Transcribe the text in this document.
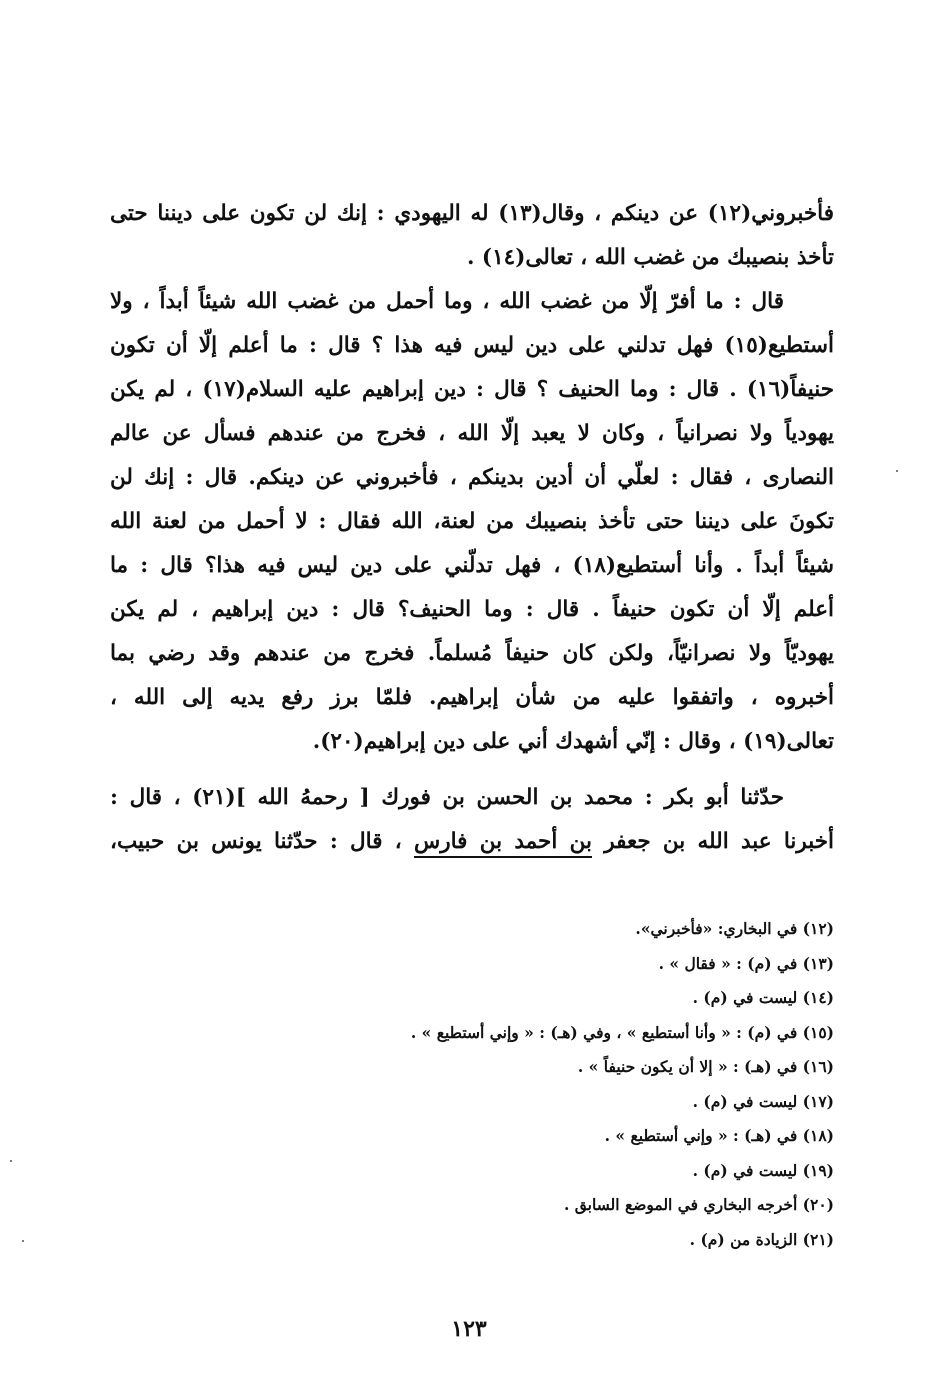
فأخبروني(١٢) عن دينكم ، وقال(١٣) له اليهودي : إنك لن تكون على ديننا حتى
تأخذ بنصيبك من غضب الله ، تعالى(١٤) .
قال : ما أفرّ إلّا من غضب الله ، وما أحمل من غضب الله شيئاً أبداً ، ولا
أستطيع(١٥) فهل تدلني على دين ليس فيه هذا ؟ قال : ما أعلم إلّا أن تكون
حنيفاً(١٦) . قال : وما الحنيف ؟ قال : دين إبراهيم عليه السلام(١٧) ، لم يكن
يهودياً ولا نصرانياً ، وكان لا يعبد إلّا الله ، فخرج من عندهم فسأل عن عالم
النصارى ، فقال : لعلّي أن أدين بدينكم ، فأخبروني عن دينكم. قال : إنك لن
تكونَ على ديننا حتى تأخذ بنصيبك من لعنة، الله فقال : لا أحمل من لعنة الله
شيئاً أبداً . وأنا أستطيع(١٨) ، فهل تدلّني على دين ليس فيه هذا؟ قال : ما
أعلم إلّا أن تكون حنيفاً . قال : وما الحنيف؟ قال : دين إبراهيم ، لم يكن
يهوديّاً ولا نصرانيّاً، ولكن كان حنيفاً مُسلماً. فخرج من عندهم وقد رضي بما
أخبروه ، واتفقوا عليه من شأن إبراهيم. فلمّا برز رفع يديه إلى الله ،
تعالى(١٩) ، وقال : إنّي أشهدك أني على دين إبراهيم(٢٠).
حدّثنا أبو بكر : محمد بن الحسن بن فورك [ رحمهُ الله ](٢١) ، قال :
أخبرنا عبد الله بن جعفر بن أحمد بن فارس ، قال : حدّثنا يونس بن حبيب،
(١٢) في البخاري: «فأخبرني».
(١٣) في (م) : « فقال » .
(١٤) ليست في (م) .
(١٥) في (م) : « وأنا أستطيع » ، وفي (هـ) : « وإني أستطيع » .
(١٦) في (هـ) : « إلا أن يكون حنيفاً » .
(١٧) ليست في (م) .
(١٨) في (هـ) : « وإني أستطيع » .
(١٩) ليست في (م) .
(٢٠) أخرجه البخاري في الموضع السابق .
(٢١) الزيادة من (م) .
١٢٣
